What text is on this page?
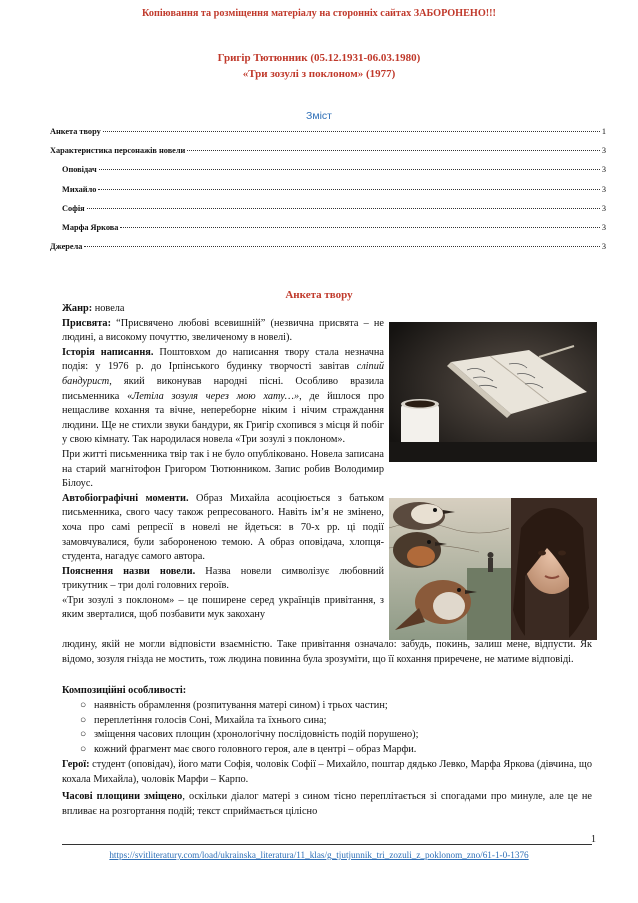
Копіювання та розміщення матеріалу на сторонніх сайтах ЗАБОРОНЕНО!!!
Григір Тютюнник (05.12.1931-06.03.1980)
«Три зозулі з поклоном» (1977)
Зміст
Анкета твору	1
Характеристика персонажів новели	3
Оповідач	3
Михайло	3
Софія	3
Марфа Яркова	3
Джерела	3
Анкета твору

Жанр: новела

Присвята: “Присвячено любові всевишній” (незвична присвята – не людині, а високому почуттю, звеличеному в новелі).

Історія написання. Поштовхом до написання твору стала незначна подія: у 1976 р. до Ірпінського будинку творчості завітав сліпий бандурист, який виконував народні пісні. Особливо вразила письменника «Летіла зозуля через мою хату…», де йшлося про нещасливе кохання та вічне, непереборне ніким і нічим страждання людини. Ще не стихли звуки бандури, як Григір схопився з місця й побіг у свою кімнату. Так народилася новела «Три зозулі з поклоном».

При житті письменника твір так і не було опубліковано. Новела записана на старий магнітофон Григором Тютюнником. Запис робив Володимир Білоус.

Автобіографічні моменти. Образ Михайла асоціюється з батьком письменника, свого часу також репресованого. Навіть ім’я не змінено, хоча про самі репресії в новелі не йдеться: в 70-х рр. ці події замовчувалися, були забороненою темою. А образ оповідача, хлопця-студента, нагадує самого автора.

Пояснення назви новели. Назва новели символізує любовний трикутник – три долі головних героїв.

«Три зозулі з поклоном» – це поширене серед українців привітання, з яким зверталися, щоб позбавити мук закохану

людину, якій не могли відповісти взаємністю. Таке привітання означало: забудь, покинь, залиш мене, відпусти. Як відомо, зозуля гнізда не мостить, тож людина повинна була зрозуміти, що її кохання приречене, не матиме відповіді.
Композиційні особливості:
○ наявність обрамлення (розпитування матері сином) і трьох частин;
○ переплетіння голосів Соні, Михайла та їхнього сина;
○ зміщення часових площин (хронологічну послідовність подій порушено);
○ кожний фрагмент має свого головного героя, але в центрі – образ Марфи.
Герої: студент (оповідач), його мати Софія, чоловік Софії – Михайло, поштар дядько Левко, Марфа Яркова (дівчина, що кохала Михайла), чоловік Марфи – Карпо.
Часові площини зміщено, оскільки діалог матері з сином тісно переплітається зі спогадами про минуле, але це не впливає на розгортання подій; текст сприймається цілісно
1
https://svitliteratury.com/load/ukrainska_literatura/11_klas/g_tjutjunnik_tri_zozuli_z_poklonom_zno/61-1-0-1376
